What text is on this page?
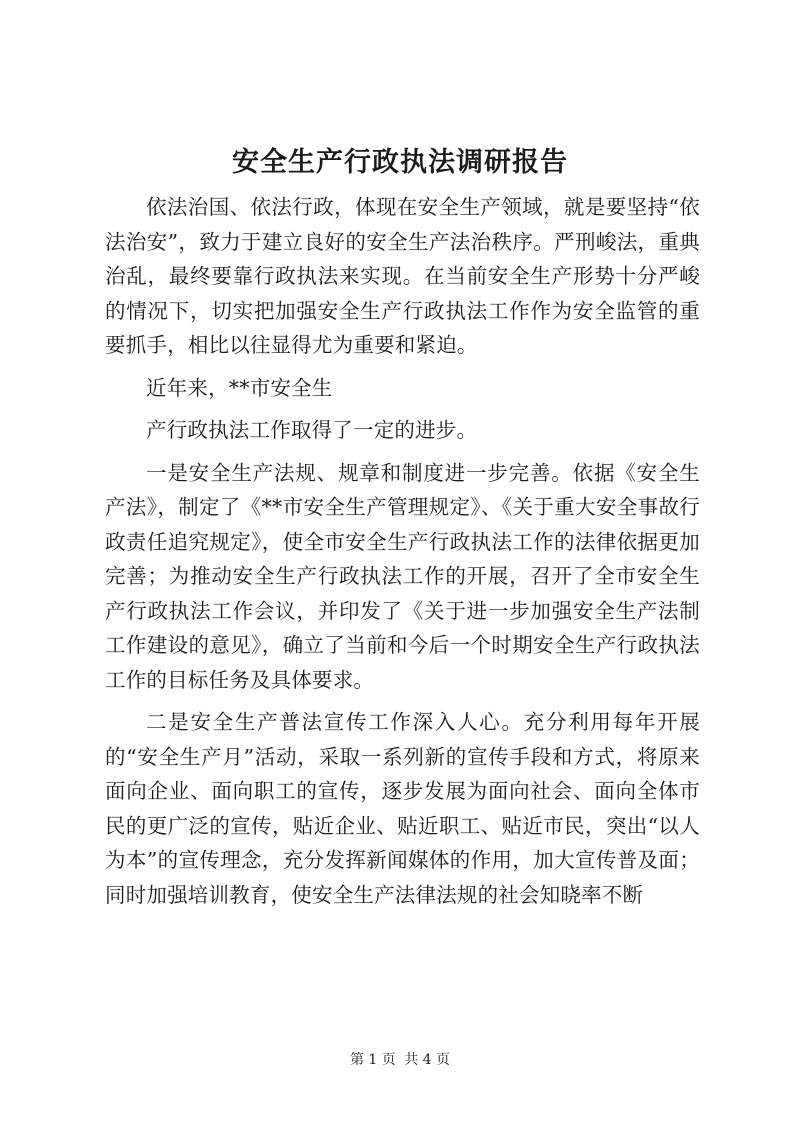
安全生产行政执法调研报告

依法治国、依法行政，体现在安全生产领域，就是要坚持“依法治安”，致力于建立良好的安全生产法治秩序。严刑峻法，重典治乱，最终要靠行政执法来实现。在当前安全生产形势十分严峻的情况下，切实把加强安全生产行政执法工作作为安全监管的重要抓手，相比以往显得尤为重要和紧迫。

近年来，**市安全生

产行政执法工作取得了一定的进步。

一是安全生产法规、规章和制度进一步完善。依据《安全生产法》，制定了《**市安全生产管理规定》、《关于重大安全事故行政责任追究规定》，使全市安全生产行政执法工作的法律依据更加完善；为推动安全生产行政执法工作的开展，召开了全市安全生产行政执法工作会议，并印发了《关于进一步加强安全生产法制工作建设的意见》，确立了当前和今后一个时期安全生产行政执法工作的目标任务及具体要求。

二是安全生产普法宣传工作深入人心。充分利用每年开展的“安全生产月”活动，采取一系列新的宣传手段和方式，将原来面向企业、面向职工的宣传，逐步发展为面向社会、面向全体市民的更广泛的宣传，贴近企业、贴近职工、贴近市民，突出“以人为本”的宣传理念，充分发挥新闻媒体的作用，加大宣传普及面；同时加强培训教育，使安全生产法律法规的社会知晓率不断

第 1 页 共 4 页
